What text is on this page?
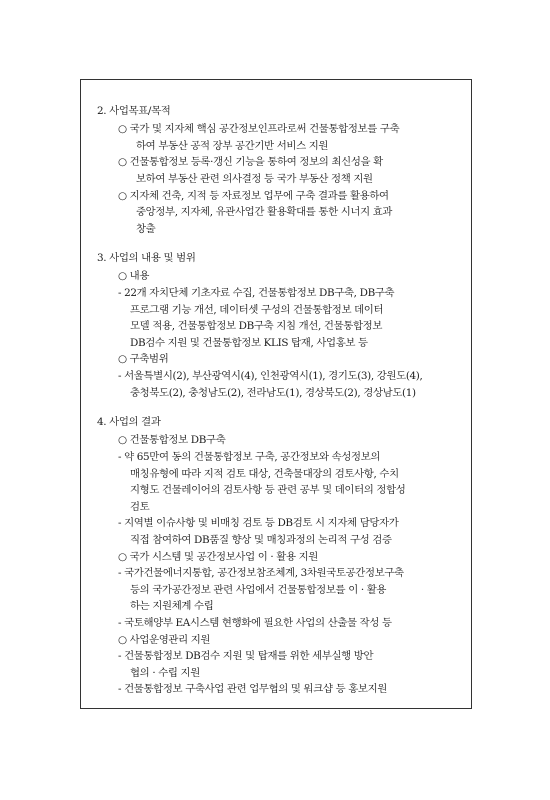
2. 사업목표/목적
○ 국가 및 지자체 핵심 공간정보인프라로써 건물통합정보를 구축
하여 부동산 공적 장부 공간기반 서비스 지원
○ 건물통합정보 등록·갱신 기능을 통하여 정보의 최신성을 확
보하여 부동산 관련 의사결정 등 국가 부동산 정책 지원
○ 지자체 건축, 지적 등 자료정보 업무에 구축 결과를 활용하여
중앙정부, 지자체, 유관사업간 활용확대를 통한 시너지 효과
창출
3. 사업의 내용 및 범위
○ 내용
- 22개 자치단체 기초자료 수집, 건물통합정보 DB구축, DB구축
프로그램 기능 개선, 데이터셋 구성의 건물통합정보 데이터
모델 적용, 건물통합정보 DB구축 지침 개선, 건물통합정보
DB검수 지원 및 건물통합정보 KLIS 탑재, 사업홍보 등
○ 구축범위
- 서울특별시(2), 부산광역시(4), 인천광역시(1), 경기도(3), 강원도(4),
충청북도(2), 충청남도(2), 전라남도(1), 경상북도(2), 경상남도(1)
4. 사업의 결과
○ 건물통합정보 DB구축
- 약 65만여 동의 건물통합정보 구축, 공간정보와 속성정보의
매칭유형에 따라 지적 검토 대상, 건축물대장의 검토사항, 수치
지형도 건물레이어의 검토사항 등 관련 공부 및 데이터의 정합성
검토
- 지역별 이슈사항 및 비매칭 검토 등 DB검토 시 지자체 담당자가
직접 참여하여 DB품질 향상 및 매칭과정의 논리적 구성 검증
○ 국가 시스템 및 공간정보사업 이 · 활용 지원
- 국가건물에너지통합, 공간정보참조체계, 3차원국토공간정보구축
등의 국가공간정보 관련 사업에서 건물통합정보를 이 · 활용
하는 지원체계 수립
- 국토해양부 EA시스템 현행화에 필요한 사업의 산출물 작성 등
○ 사업운영관리 지원
- 건물통합정보 DB검수 지원 및 탑재를 위한 세부실행 방안
협의 · 수립 지원
- 건물통합정보 구축사업 관련 업무협의 및 워크샵 등 홍보지원
